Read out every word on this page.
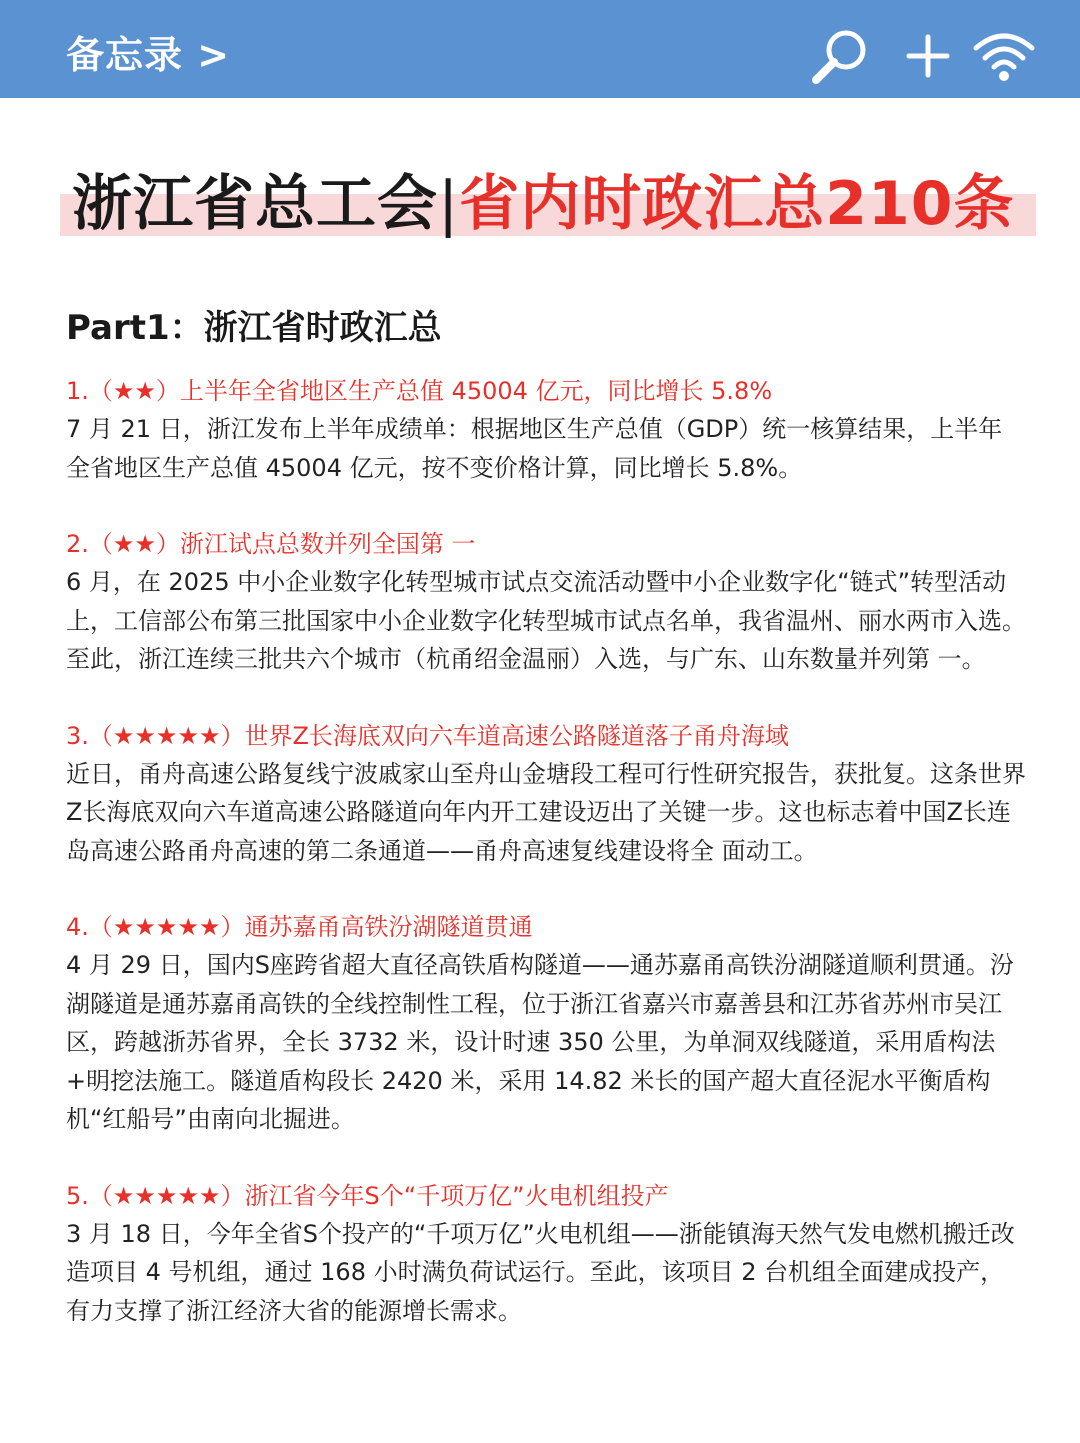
备忘录 >
浙江省总工会|省内时政汇总210条
Part1：浙江省时政汇总

1.（★★）上半年全省地区生产总值 45004 亿元，同比增长 5.8%

7 月 21 日，浙江发布上半年成绩单：根据地区生产总值（GDP）统一核算结果，上半年全省地区生产总值 45004 亿元，按不变价格计算，同比增长 5.8%。

2.（★★）浙江试点总数并列全国第 一

6 月，在 2025 中小企业数字化转型城市试点交流活动暨中小企业数字化“链式”转型活动上，工信部公布第三批国家中小企业数字化转型城市试点名单，我省温州、丽水两市入选。至此，浙江连续三批共六个城市（杭甬绍金温丽）入选，与广东、山东数量并列第 一。

3.（★★★★★）世界Z长海底双向六车道高速公路隧道落子甬舟海域

近日，甬舟高速公路复线宁波戚家山至舟山金塘段工程可行性研究报告，获批复。这条世界Z长海底双向六车道高速公路隧道向年内开工建设迈出了关键一步。这也标志着中国Z长连岛高速公路甬舟高速的第二条通道——甬舟高速复线建设将全 面动工。

4.（★★★★★）通苏嘉甬高铁汾湖隧道贯通

4 月 29 日，国内S座跨省超大直径高铁盾构隧道——通苏嘉甬高铁汾湖隧道顺利贯通。汾湖隧道是通苏嘉甬高铁的全线控制性工程，位于浙江省嘉兴市嘉善县和江苏省苏州市吴江区，跨越浙苏省界，全长 3732 米，设计时速 350 公里，为单洞双线隧道，采用盾构法+明挖法施工。隧道盾构段长 2420 米，采用 14.82 米长的国产超大直径泥水平衡盾构机“红船号”由南向北掘进。

5.（★★★★★）浙江省今年S个“千项万亿”火电机组投产

3 月 18 日，今年全省S个投产的“千项万亿”火电机组——浙能镇海天然气发电燃机搬迁改造项目 4 号机组，通过 168 小时满负荷试运行。至此，该项目 2 台机组全面建成投产，有力支撑了浙江经济大省的能源增长需求。
